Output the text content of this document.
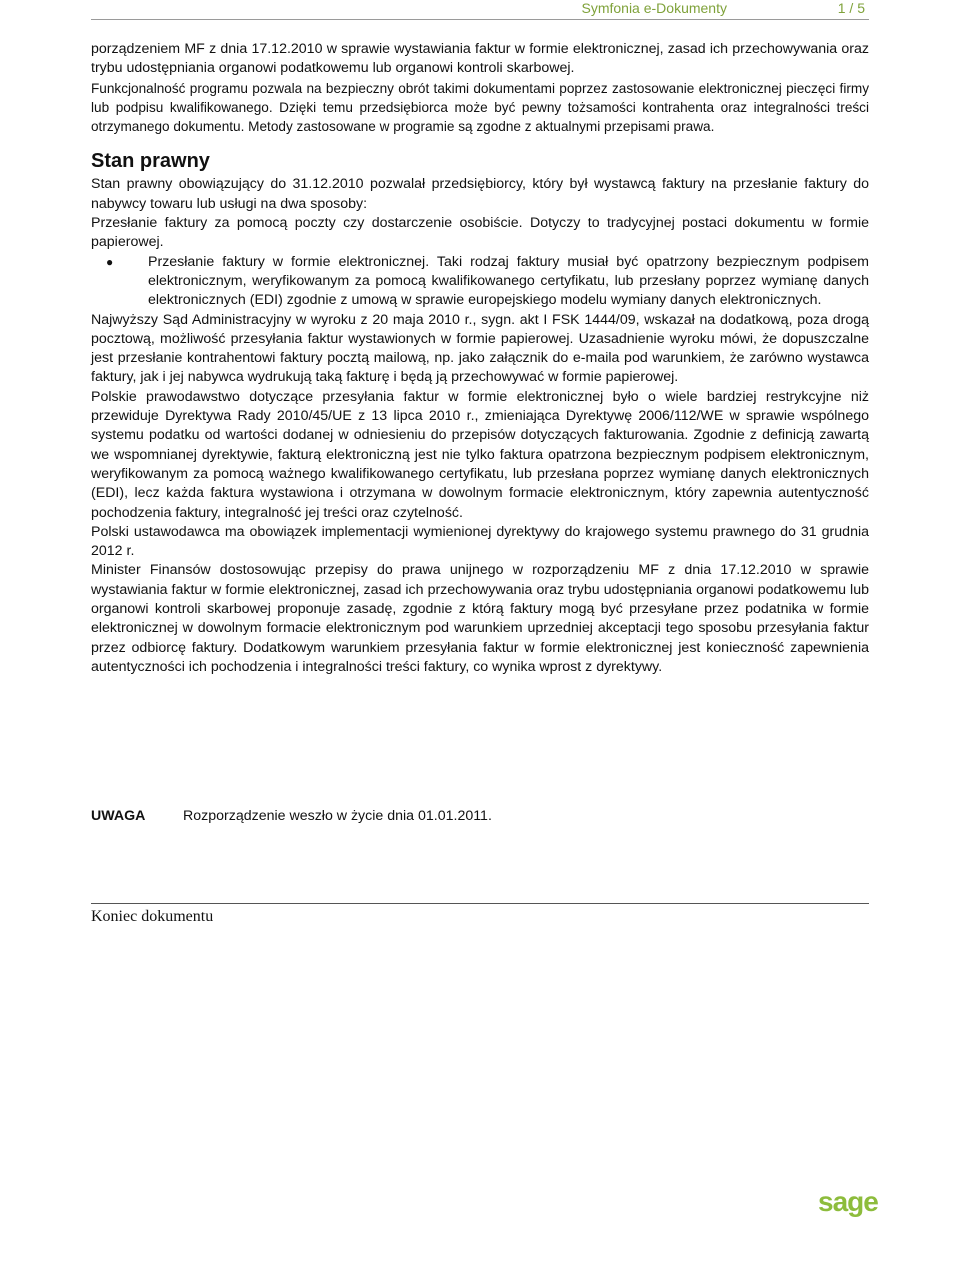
Symfonia e-Dokumenty	1 / 5

porządzeniem MF z dnia 17.12.2010 w sprawie wystawiania faktur w formie elektronicznej, zasad ich przechowywania oraz trybu udostępniania organowi podatkowemu lub organowi kontroli skarbowej.

Funkcjonalność programu pozwala na bezpieczny obrót takimi dokumentami poprzez zastosowanie elektronicznej pieczęci firmy lub podpisu kwalifikowanego. Dzięki temu przedsiębiorca może być pewny tożsamości kontrahenta oraz integralności treści otrzymanego dokumentu. Metody zastosowane w programie są zgodne z aktualnymi przepisami prawa.

Stan prawny

Stan prawny obowiązujący do 31.12.2010 pozwalał przedsiębiorcy, który był wystawcą faktury na przesłanie faktury do nabywcy towaru lub usługi na dwa sposoby:

Przesłanie faktury za pomocą poczty czy dostarczenie osobiście. Dotyczy to tradycyjnej postaci dokumentu w formie papierowej.

● Przesłanie faktury w formie elektronicznej. Taki rodzaj faktury musiał być opatrzony bezpiecznym podpisem elektronicznym, weryfikowanym za pomocą kwalifikowanego certyfikatu, lub przesłany poprzez wymianę danych elektronicznych (EDI) zgodnie z umową w sprawie europejskiego modelu wymiany danych elektronicznych.

Najwyższy Sąd Administracyjny w wyroku z 20 maja 2010 r., sygn. akt I FSK 1444/09, wskazał na dodatkową, poza drogą pocztową, możliwość przesyłania faktur wystawionych w formie papierowej. Uzasadnienie wyroku mówi, że dopuszczalne jest przesłanie kontrahentowi faktury pocztą mailową, np. jako załącznik do e-maila pod warunkiem, że zarówno wystawca faktury, jak i jej nabywca wydrukują taką fakturę i będą ją przechowywać w formie papierowej.

Polskie prawodawstwo dotyczące przesyłania faktur w formie elektronicznej było o wiele bardziej restrykcyjne niż przewiduje Dyrektywa Rady 2010/45/UE z 13 lipca 2010 r., zmieniająca Dyrektywę 2006/112/WE w sprawie wspólnego systemu podatku od wartości dodanej w odniesieniu do przepisów dotyczących fakturowania. Zgodnie z definicją zawartą we wspomnianej dyrektywie, fakturą elektroniczną jest nie tylko faktura opatrzona bezpiecznym podpisem elektronicznym, weryfikowanym za pomocą ważnego kwalifikowanego certyfikatu, lub przesłana poprzez wymianę danych elektronicznych (EDI), lecz każda faktura wystawiona i otrzymana w dowolnym formacie elektronicznym, który zapewnia autentyczność pochodzenia faktury, integralność jej treści oraz czytelność.

Polski ustawodawca ma obowiązek implementacji wymienionej dyrektywy do krajowego systemu prawnego do 31 grudnia 2012 r.

Minister Finansów dostosowując przepisy do prawa unijnego w rozporządzeniu MF z dnia 17.12.2010 w sprawie wystawiania faktur w formie elektronicznej, zasad ich przechowywania oraz trybu udostępniania organowi podatkowemu lub organowi kontroli skarbowej proponuje zasadę, zgodnie z którą faktury mogą być przesyłane przez podatnika w formie elektronicznej w dowolnym formacie elektronicznym pod warunkiem uprzedniej akceptacji tego sposobu przesyłania faktur przez odbiorcę faktury. Dodatkowym warunkiem przesyłania faktur w formie elektronicznej jest konieczność zapewnienia autentyczności ich pochodzenia i integralności treści faktury, co wynika wprost z dyrektywy.

UWAGA	Rozporządzenie weszło w życie dnia 01.01.2011.
Koniec dokumentu
sage
